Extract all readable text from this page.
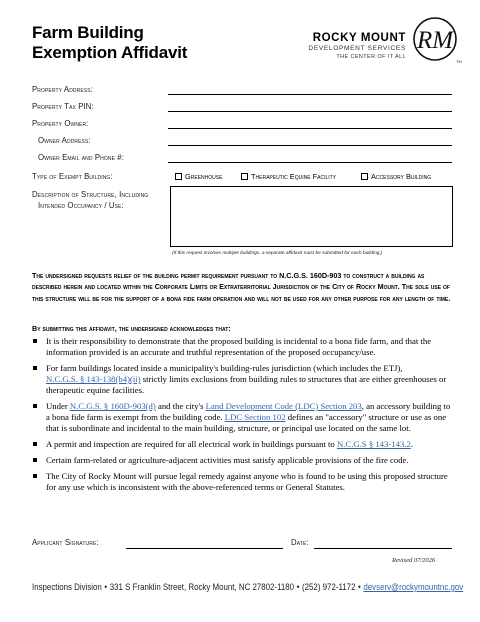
Farm Building
Exemption Affidavit
ROCKY MOUNT
DEVELOPMENT SERVICES
THE CENTER OF IT ALL
RM
TM
Property Address:
Property Tax PIN:
Property Owner:
Owner Address:
Owner Email and Phone #:
Type of Exempt Building:	Greenhouse	Therapeutic Equine Facility	Accessory Building
Description of Structure, Including
Intended Occupancy / Use:
(If this request involves multiple buildings, a separate affidavit must be submitted for each building.)
The undersigned requests relief of the building permit requirement pursuant to N.C.G.S. 160D-903 to construct a building as described herein and located within the Corporate Limits or Extraterritorial Jurisdiction of the City of Rocky Mount. The sole use of this structure will be for the support of a bona fide farm operation and will not be used for any other purpose for any length of time.
By submitting this affidavit, the undersigned acknowledges that:
It is their responsibility to demonstrate that the proposed building is incidental to a bona fide farm, and that the information provided is an accurate and truthful representation of the proposed occupancy/use.
For farm buildings located inside a municipality's building-rules jurisdiction (which includes the ETJ),
N.C.G.S. § 143-138(b4)(ii) strictly limits exclusions from building rules to structures that are either greenhouses or therapeutic equine facilities.
Under N.C.G.S. § 160D-903(d) and the city's Land Development Code (LDC) Section 203, an accessory building to a bona fide farm is exempt from the building code. LDC Section 102 defines an "accessory" structure or use as one that is subordinate and incidental to the main building, structure, or principal use located on the same lot.
A permit and inspection are required for all electrical work in buildings pursuant to N.C.G.S § 143-143.2.
Certain farm-related or agriculture-adjacent activities must satisfy applicable provisions of the fire code.
The City of Rocky Mount will pursue legal remedy against anyone who is found to be using this proposed structure for any use which is inconsistent with the above-referenced terms or General Statutes.
Applicant Signature:	Date:
Revised 07/2026
Inspections Division • 331 S Franklin Street, Rocky Mount, NC 27802-1180 • (252) 972-1172 • devserv@rockymountnc.gov
